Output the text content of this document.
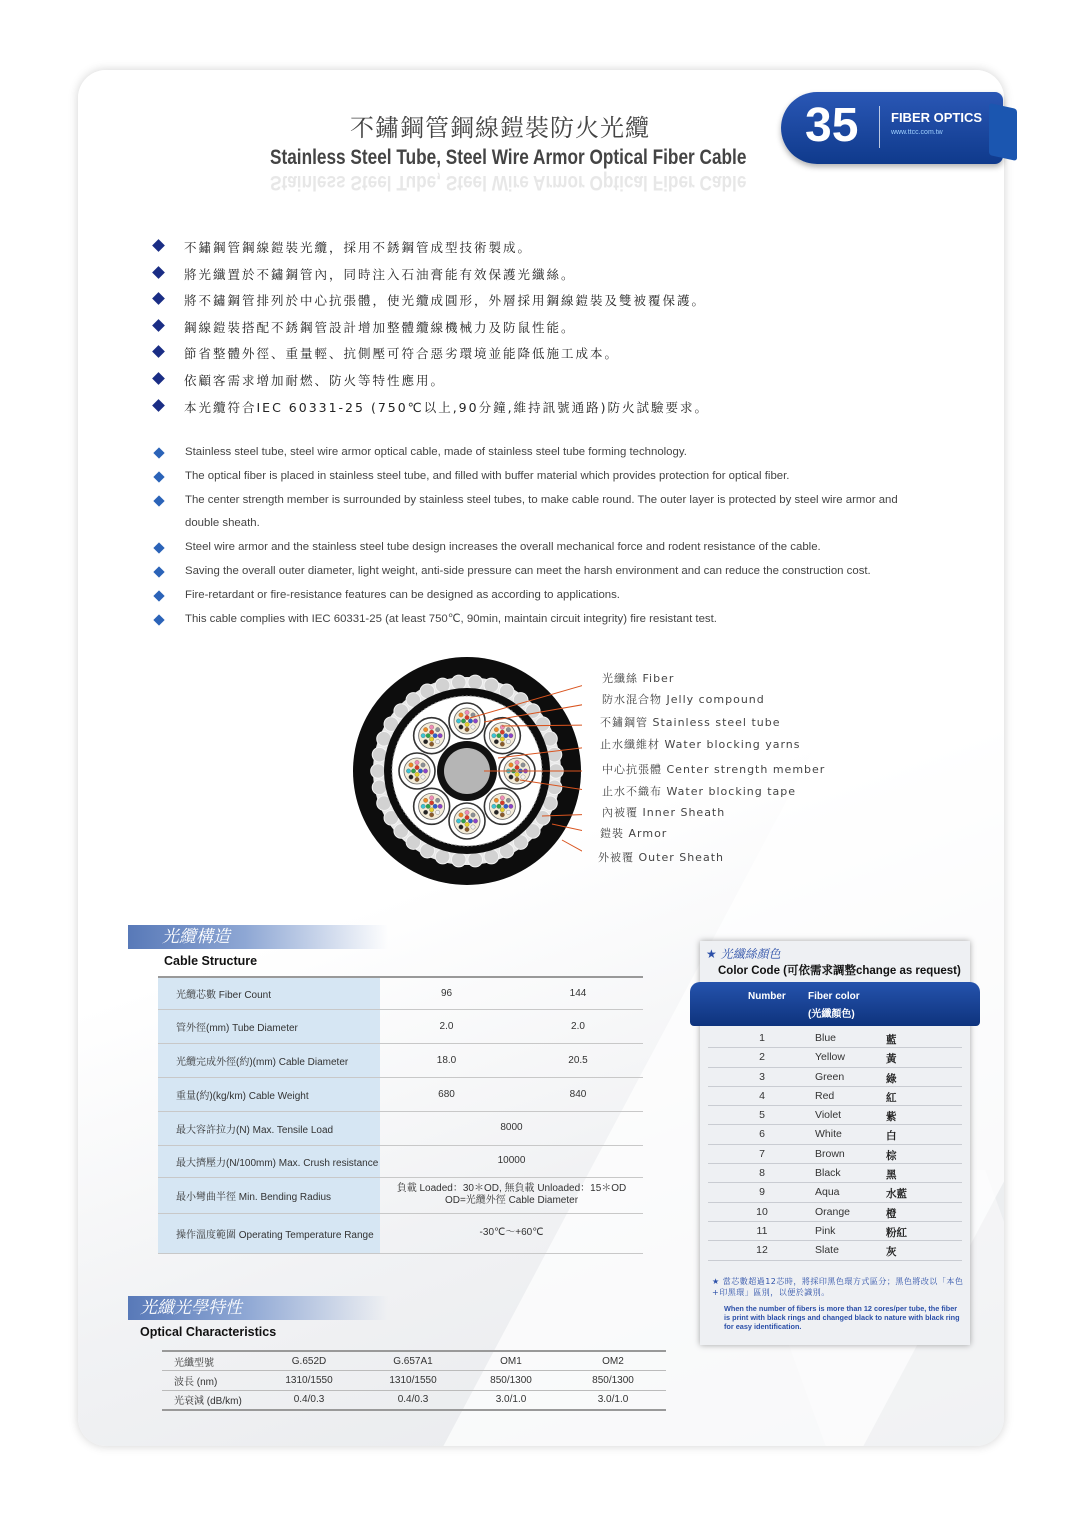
不鏽鋼管鋼線鎧裝防火光纜
Stainless Steel Tube, Steel Wire Armor Optical Fiber Cable
Stainless Steel Tube, Steel Wire Armor Optical Fiber Cable
35	FIBER OPTICS
www.ttcc.com.tw
不鏽鋼管鋼線鎧裝光纜，採用不銹鋼管成型技術製成。
將光纖置於不鏽鋼管內，同時注入石油膏能有效保護光纖絲。
將不鏽鋼管排列於中心抗張體，使光纜成圓形，外層採用鋼線鎧裝及雙被覆保護。
鋼線鎧裝搭配不銹鋼管設計增加整體纜線機械力及防鼠性能。
節省整體外徑、重量輕、抗側壓可符合惡劣環境並能降低施工成本。
依顧客需求增加耐燃、防火等特性應用。
本光纜符合IEC 60331-25 (750℃以上,90分鐘,維持訊號通路)防火試驗要求。
Stainless steel tube, steel wire armor optical cable, made of stainless steel tube forming technology.
The optical fiber is placed in stainless steel tube, and filled with buffer material which provides protection for optical fiber.
The center strength member is surrounded by stainless steel tubes, to make cable round. The outer layer is protected by steel wire armor and double sheath.
Steel wire armor and the stainless steel tube design increases the overall mechanical force and rodent resistance of the cable.
Saving the overall outer diameter, light weight, anti-side pressure can meet the harsh environment and can reduce the construction cost.
Fire-retardant or fire-resistance features can be designed as according to applications.
This cable complies with IEC 60331-25 (at least 750℃, 90min, maintain circuit integrity) fire resistant test.
光纖絲 Fiber
防水混合物 Jelly compound
不鏽鋼管 Stainless steel tube
止水纖維材 Water blocking yarns
中心抗張體 Center strength member
止水不織布 Water blocking tape
內被覆 Inner Sheath
鎧裝 Armor
外被覆 Outer Sheath
光纜構造
Cable Structure
光纜芯數 Fiber Count	96	144
管外徑(mm) Tube Diameter	2.0	2.0
光纜完成外徑(約)(mm) Cable Diameter	18.0	20.5
重量(約)(kg/km) Cable Weight	680	840
最大容許拉力(N) Max. Tensile Load	8000	
最大擠壓力(N/100mm) Max. Crush resistance	10000	
最小彎曲半徑 Min. Bending Radius	負載 Loaded：30＊OD, 無負載 Unloaded：15＊OD
OD=光纜外徑 Cable Diameter	
操作溫度範圍 Operating Temperature Range	-30℃～+60℃	
光纖光學特性
Optical Characteristics
光纖型號	G.652D	G.657A1	OM1	OM2
波長 (nm)	1310/1550	1310/1550	850/1300	850/1300
光衰減 (dB/km)	0.4/0.3	0.4/0.3	3.0/1.0	3.0/1.0
★ 光纖絲顏色
Color Code (可依需求調整change as request)
Number Fiber color
(光纖顏色)
1	Blue	藍
2	Yellow	黃
3	Green	綠
4	Red	紅
5	Violet	紫
6	White	白
7	Brown	棕
8	Black	黑
9	Aqua	水藍
10	Orange	橙
11	Pink	粉紅
12	Slate	灰
★ 當芯數超過12芯時，將採印黑色環方式區分；黑色將改以「本色+印黑環」區別，以便於識別。
When the number of fibers is more than 12 cores/per tube, the fiber is print with black rings and changed black to nature with black ring for easy identification.
